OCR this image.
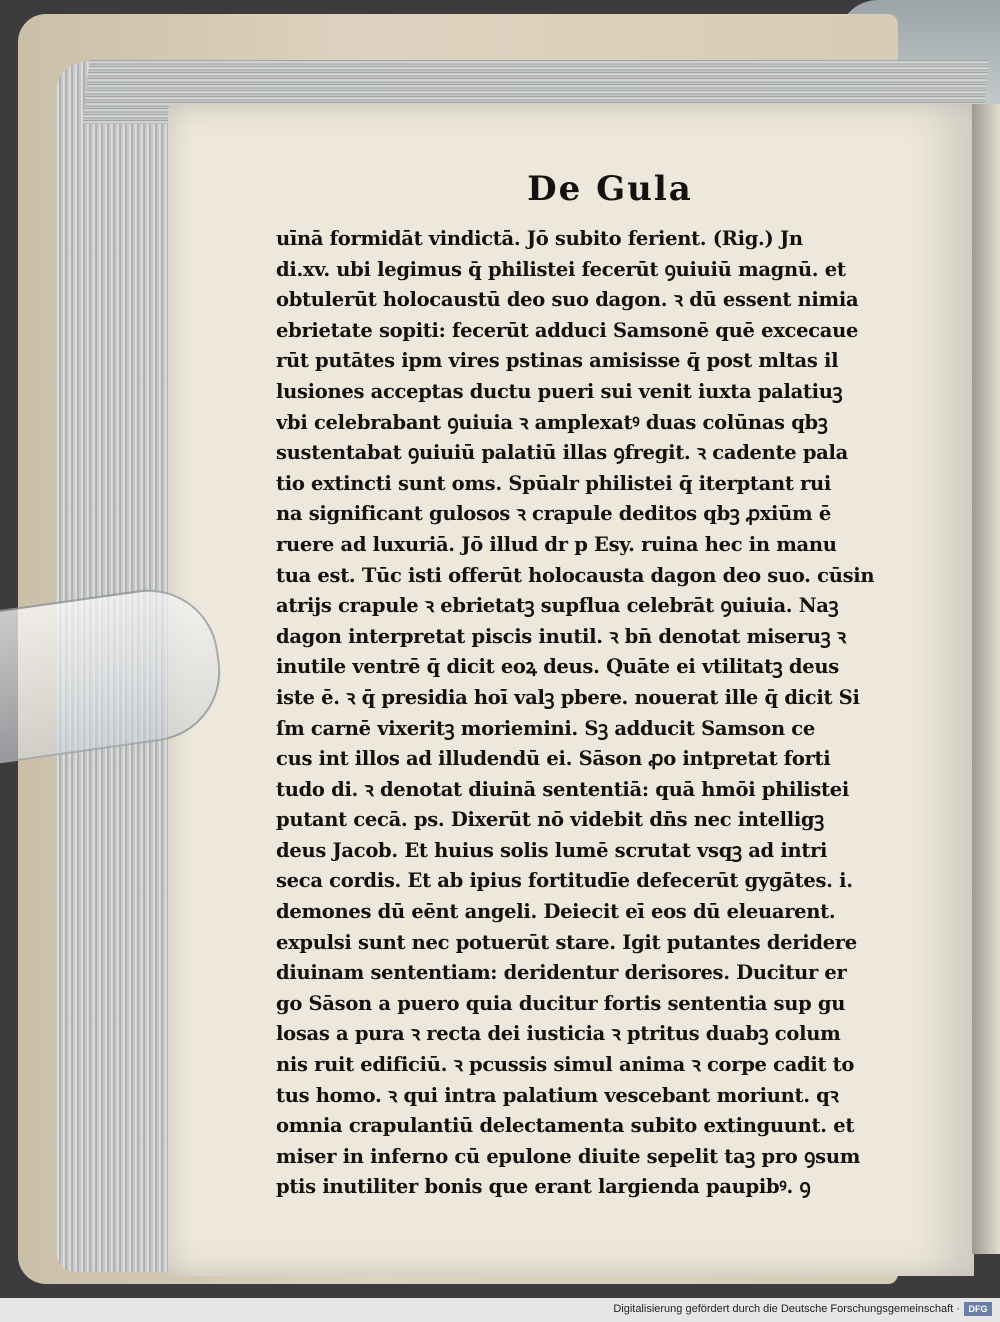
De Gula
uīnā formidāt vindictā. Jō subito ferient. (Rig.) Jn
di.xv. ubi legimus q̄ philistei fecerūt ꝯuiuiū magnū. et
obtulerūt holocaustū deo suo dagon. ꝛ dū essent nimia
ebrietate sopiti: fecerūt adduci Samsonē quē excecaue
rūt putātes ipm vires pstinas amisisse q̄ post mltas il
lusiones acceptas ductu pueri sui venit iuxta palatiuꝫ
vbi celebrabant ꝯuiuia ꝛ amplexatꝰ duas colūnas qbꝫ
sustentabat ꝯuiuiū palatiū illas ꝯfregit. ꝛ cadente pala
tio extincti sunt oms. Spūalr philistei q̄ iterptant rui
na significant gulosos ꝛ crapule deditos qbꝫ ꝓxiūm ē
ruere ad luxuriā. Jō illud dr p Esy. ruina hec in manu
tua est. Tūc isti offerūt holocausta dagon deo suo. cūsin
atrijs crapule ꝛ ebrietatꝫ supflua celebrāt ꝯuiuia. Naꝫ
dagon interpretat piscis inutil. ꝛ bn̄ denotat miseruꝫ ꝛ
inutile ventrē q̄ dicit eoꝝ deus. Quāte ei vtilitatꝫ deus
iste ē. ꝛ q̄ presidia hoī valꝫ pbere. nouerat ille q̄ dicit Si
ſm carnē vixeritꝫ moriemini. Sꝫ adducit Samson ce
cus int illos ad illudendū ei. Sāson ꝓo intpretat forti
tudo di. ꝛ denotat diuinā sententiā: quā hmōi philistei
putant cecā. ps. Dixerūt nō videbit dn̄s nec intelligꝫ
deus Jacob. Et huius solis lumē scrutat vsqꝫ ad intri
seca cordis. Et ab ipius fortitudīe defecerūt gygātes. i.
demones dū eēnt angeli. Deiecit eī eos dū eleuarent.
expulsi sunt nec potuerūt stare. Igit putantes deridere
diuinam sententiam: deridentur derisores. Ducitur er
go Sāson a puero quia ducitur fortis sententia sup gu
losas a pura ꝛ recta dei iusticia ꝛ ptritus duabꝫ colum
nis ruit edificiū. ꝛ pcussis simul anima ꝛ corpe cadit to
tus homo. ꝛ qui intra palatium vescebant moriunt. qꝛ
omnia crapulantiū delectamenta subito extinguunt. et
miser in inferno cū epulone diuite sepelit taꝫ pro ꝯsum
ptis inutiliter bonis que erant largienda paupibꝰ. ꝯ
Digitalisierung gefördert durch die Deutsche Forschungsgemeinschaft · DFG
